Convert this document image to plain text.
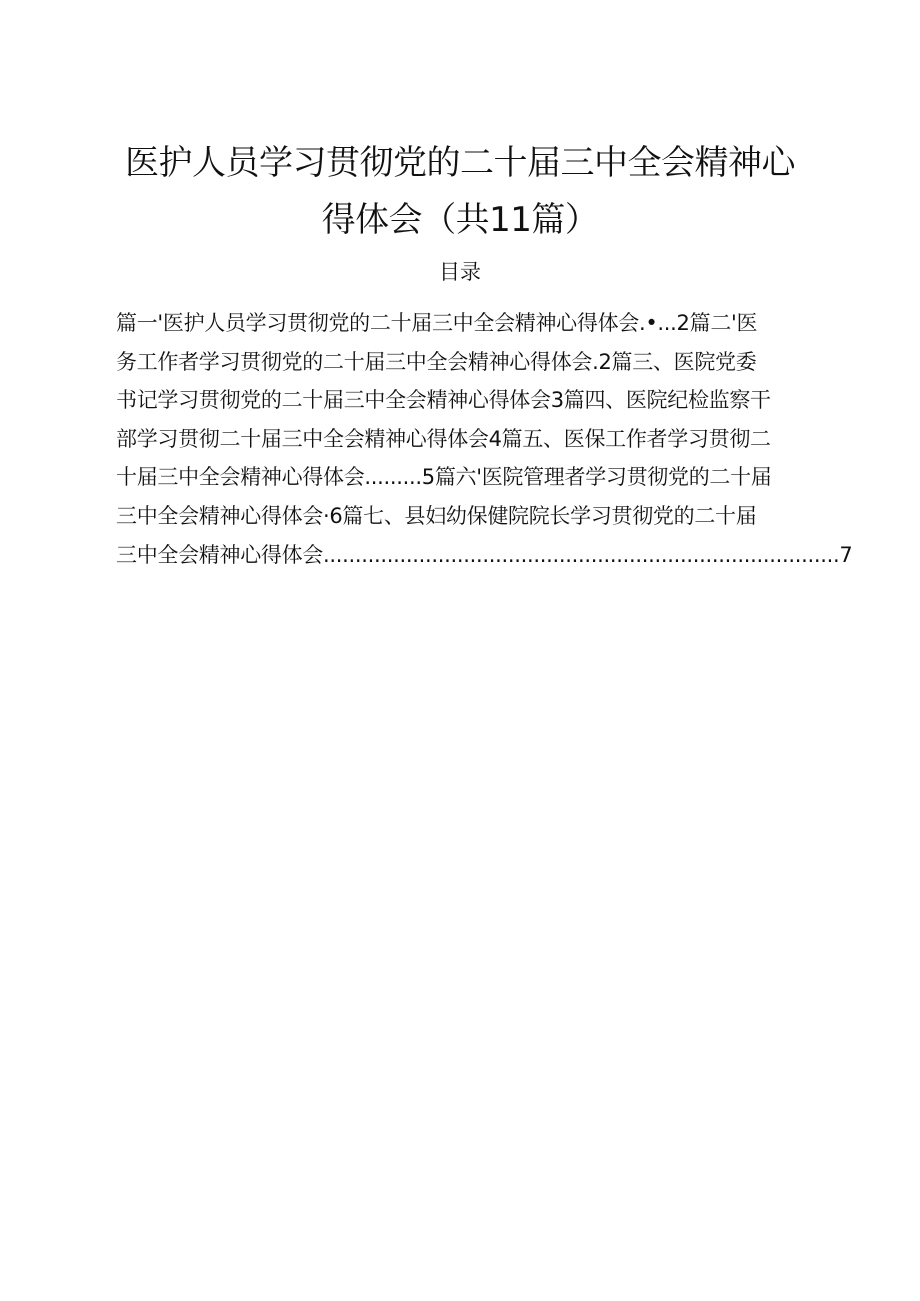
医护人员学习贯彻党的二十届三中全会精神心
得体会（共11篇）
目录
篇一'医护人员学习贯彻党的二十届三中全会精神心得体会.•...2篇二'医
务工作者学习贯彻党的二十届三中全会精神心得体会.2篇三、医院党委
书记学习贯彻党的二十届三中全会精神心得体会3篇四、医院纪检监察干
部学习贯彻二十届三中全会精神心得体会4篇五、医保工作者学习贯彻二
十届三中全会精神心得体会.........5篇六'医院管理者学习贯彻党的二十届
三中全会精神心得体会·6篇七、县妇幼保健院院长学习贯彻党的二十届
三中全会精神心得体会.................................................................................7
